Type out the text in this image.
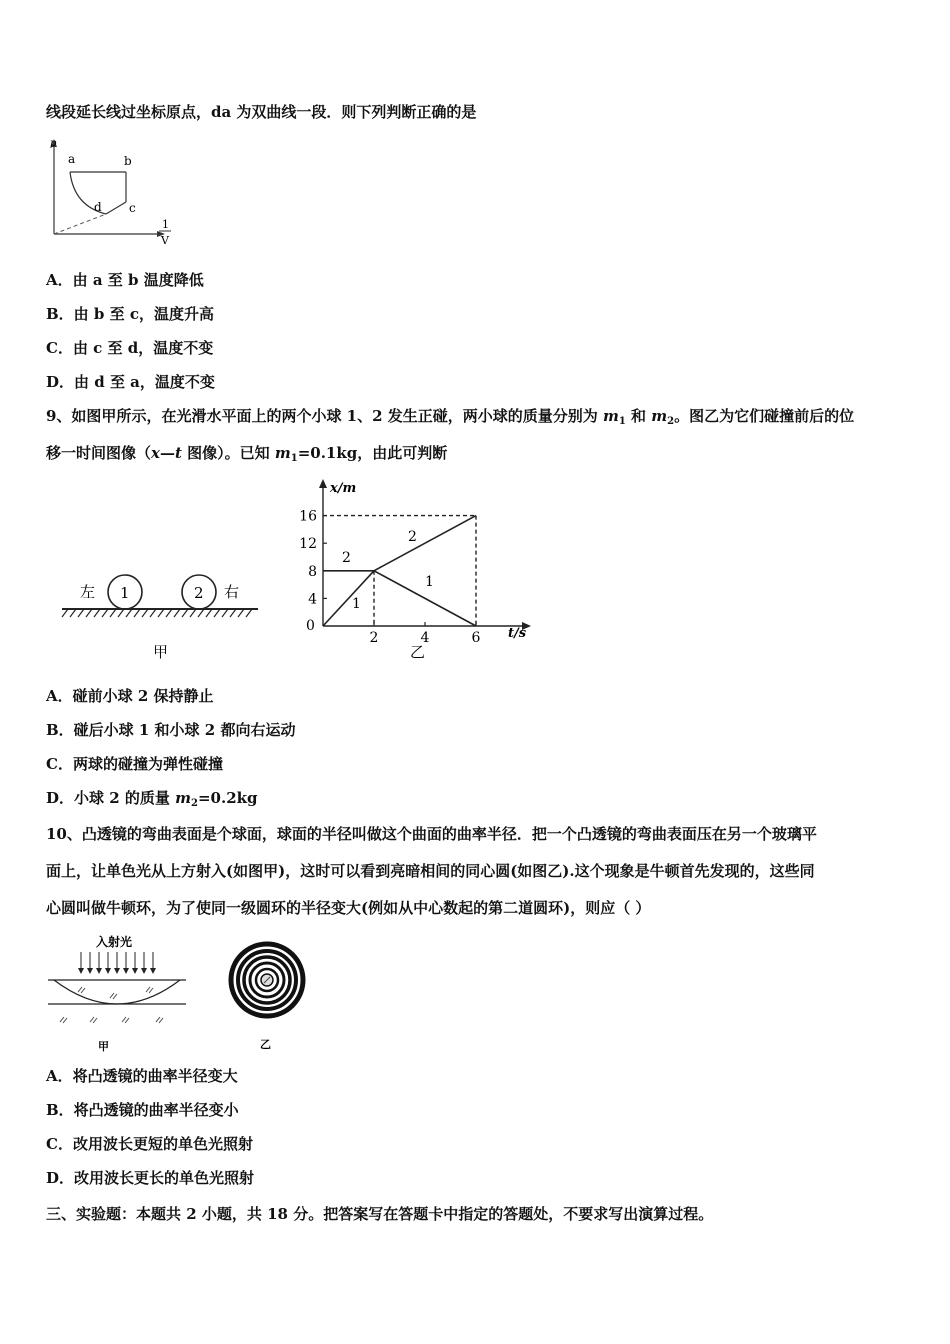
线段延长线过坐标原点，da 为双曲线一段．则下列判断正确的是
p
a	b
c
d
1
V
A．由 a 至 b 温度降低
B．由 b 至 c，温度升高
C．由 c 至 d，温度不变
D．由 d 至 a，温度不变
9、如图甲所示，在光滑水平面上的两个小球 1、2 发生正碰，两小球的质量分别为 $m_1$ 和 $m_2$。图乙为它们碰撞前后的位
移一时间图像（x—t 图像）。已知 $m_1=0.1kg$，由此可判断
左 1	2 右
甲
x/m
t/s
0
4
8
12
16
2	4	6
1
2
2
1
乙
A．碰前小球 2 保持静止
B．碰后小球 1 和小球 2 都向右运动
C．两球的碰撞为弹性碰撞
D．小球 2 的质量 $m_2=0.2kg$
10、凸透镜的弯曲表面是个球面，球面的半径叫做这个曲面的曲率半径．把一个凸透镜的弯曲表面压在另一个玻璃平
面上，让单色光从上方射入(如图甲)，这时可以看到亮暗相间的同心圆(如图乙).这个现象是牛顿首先发现的，这些同
心圆叫做牛顿环，为了使同一级圆环的半径变大(例如从中心数起的第二道圆环)，则应（ ）
入射光
甲	乙
A．将凸透镜的曲率半径变大
B．将凸透镜的曲率半径变小
C．改用波长更短的单色光照射
D．改用波长更长的单色光照射
三、实验题：本题共 2 小题，共 18 分。把答案写在答题卡中指定的答题处，不要求写出演算过程。
